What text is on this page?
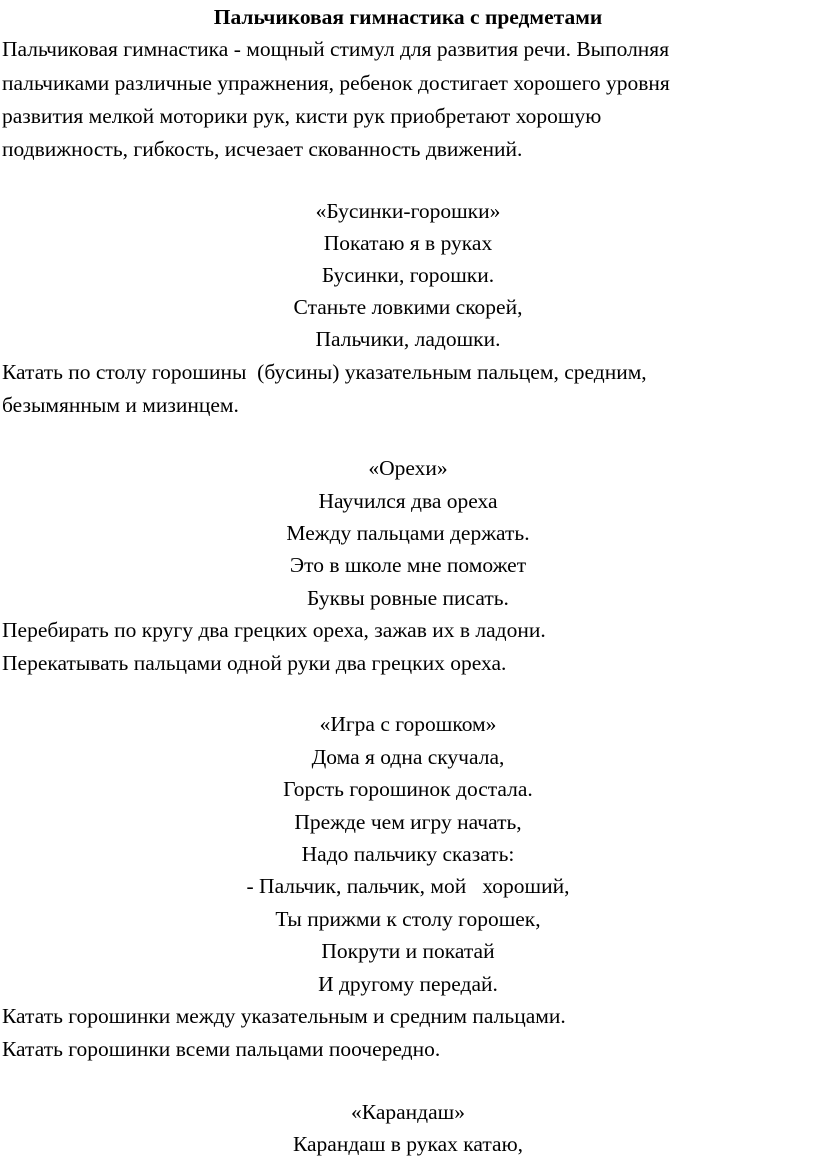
Пальчиковая гимнастика с предметами
Пальчиковая гимнастика - мощный стимул для развития речи. Выполняя
пальчиками различные упражнения, ребенок достигает хорошего уровня
развития мелкой моторики рук, кисти рук приобретают хорошую
подвижность, гибкость, исчезает скованность движений.
«Бусинки-горошки»
Покатаю я в руках
Бусинки, горошки.
Станьте ловкими скорей,
Пальчики, ладошки.
Катать по столу горошины  (бусины) указательным пальцем, средним,
безымянным и мизинцем.
«Орехи»
Научился два ореха
Между пальцами держать.
Это в школе мне поможет
Буквы ровные писать.
Перебирать по кругу два грецких ореха, зажав их в ладони.
Перекатывать пальцами одной руки два грецких ореха.
«Игра с горошком»
Дома я одна скучала,
Горсть горошинок достала.
Прежде чем игру начать,
Надо пальчику сказать:
- Пальчик, пальчик, мой   хороший,
Ты прижми к столу горошек,
Покрути и покатай
И другому передай.
Катать горошинки между указательным и средним пальцами.
Катать горошинки всеми пальцами поочередно.
«Карандаш»
Карандаш в руках катаю,
